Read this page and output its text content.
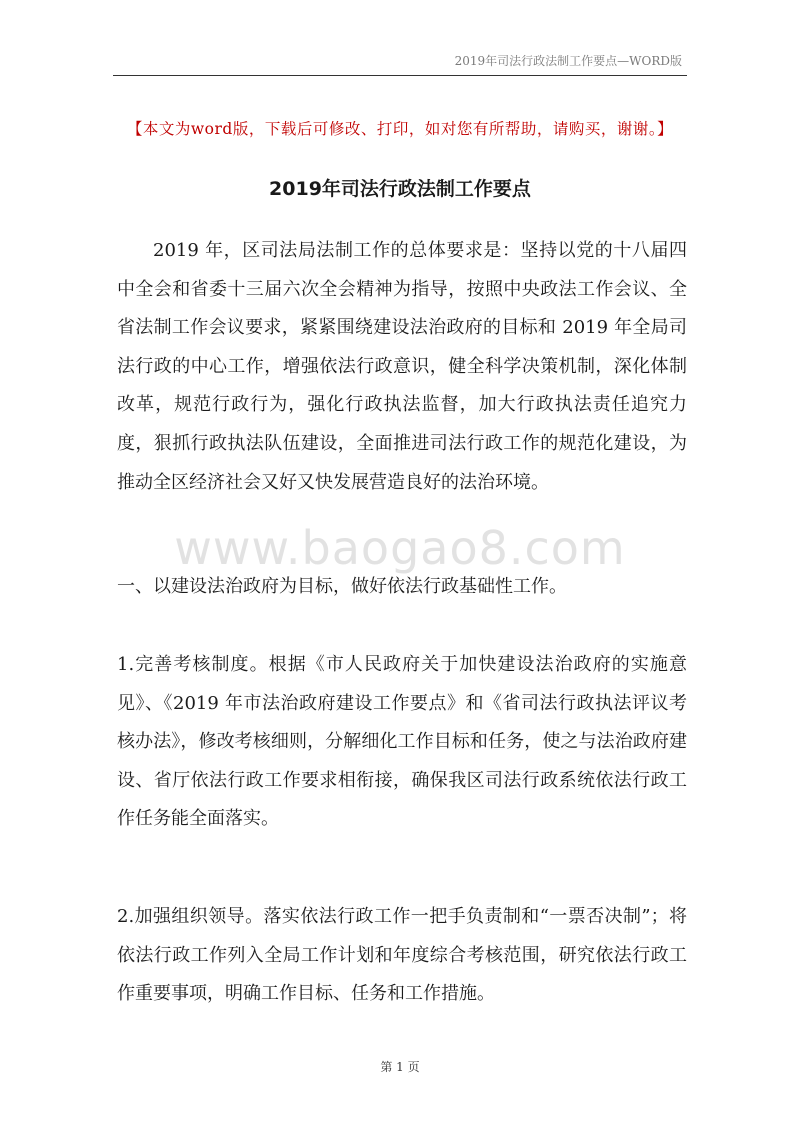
2019年司法行政法制工作要点—WORD版
【本文为word版，下载后可修改、打印，如对您有所帮助，请购买，谢谢。】
2019年司法行政法制工作要点

2019 年，区司法局法制工作的总体要求是：坚持以党的十八届四中全会和省委十三届六次全会精神为指导，按照中央政法工作会议、全省法制工作会议要求，紧紧围绕建设法治政府的目标和 2019 年全局司法行政的中心工作，增强依法行政意识，健全科学决策机制，深化体制改革，规范行政行为，强化行政执法监督，加大行政执法责任追究力度，狠抓行政执法队伍建设，全面推进司法行政工作的规范化建设，为推动全区经济社会又好又快发展营造良好的法治环境。

www.baogao8.com

一、以建设法治政府为目标，做好依法行政基础性工作。

1.完善考核制度。根据《市人民政府关于加快建设法治政府的实施意见》、《2019 年市法治政府建设工作要点》和《省司法行政执法评议考核办法》，修改考核细则，分解细化工作目标和任务，使之与法治政府建设、省厅依法行政工作要求相衔接，确保我区司法行政系统依法行政工作任务能全面落实。

2.加强组织领导。落实依法行政工作一把手负责制和“一票否决制”；将依法行政工作列入全局工作计划和年度综合考核范围，研究依法行政工作重要事项，明确工作目标、任务和工作措施。

第 1 页
